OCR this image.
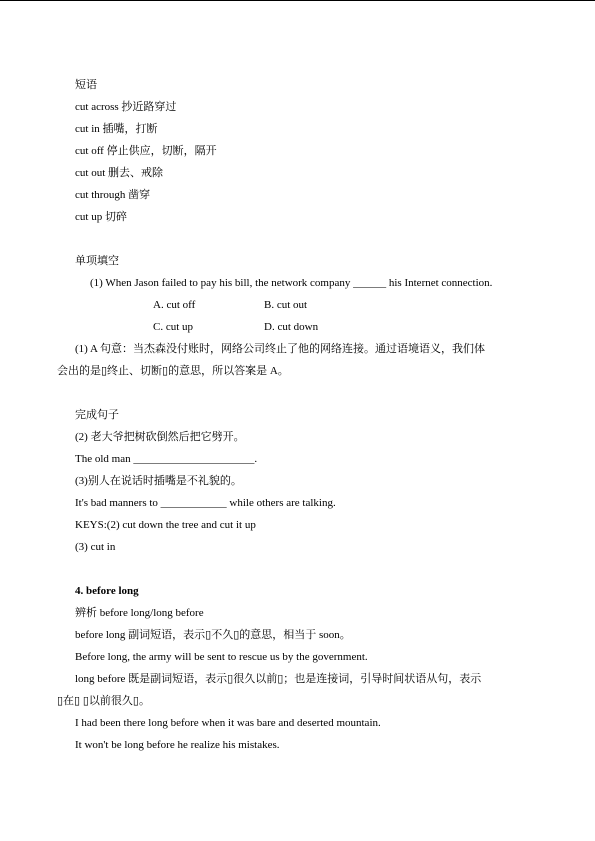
短语
cut across 抄近路穿过
cut in 插嘴，打断
cut off 停止供应，切断，隔开
cut out 删去、戒除
cut through 凿穿
cut up 切碎
单项填空
(1) When Jason failed to pay his bill, the network company ______ his Internet connection.
A. cut off	B. cut out
C. cut up	D. cut down
(1) A 句意：当杰森没付账时，网络公司终止了他的网络连接。通过语境语义，我们体
会出的是▯终止、切断▯的意思，所以答案是 A。
完成句子
(2) 老大爷把树砍倒然后把它劈开。
The old man ______________________.
(3)别人在说话时插嘴是不礼貌的。
It's bad manners to ____________ while others are talking.
KEYS:(2) cut down the tree and cut it up
(3) cut in
4. before long
辨析 before long/long before
before long 副词短语，表示▯不久▯的意思，相当于 soon。
Before long, the army will be sent to rescue us by the government.
long before 既是副词短语，表示▯很久以前▯；也是连接词，引导时间状语从句，表示
▯在▯ ▯以前很久▯。
I had been there long before when it was bare and deserted mountain.
It won't be long before he realize his mistakes.
